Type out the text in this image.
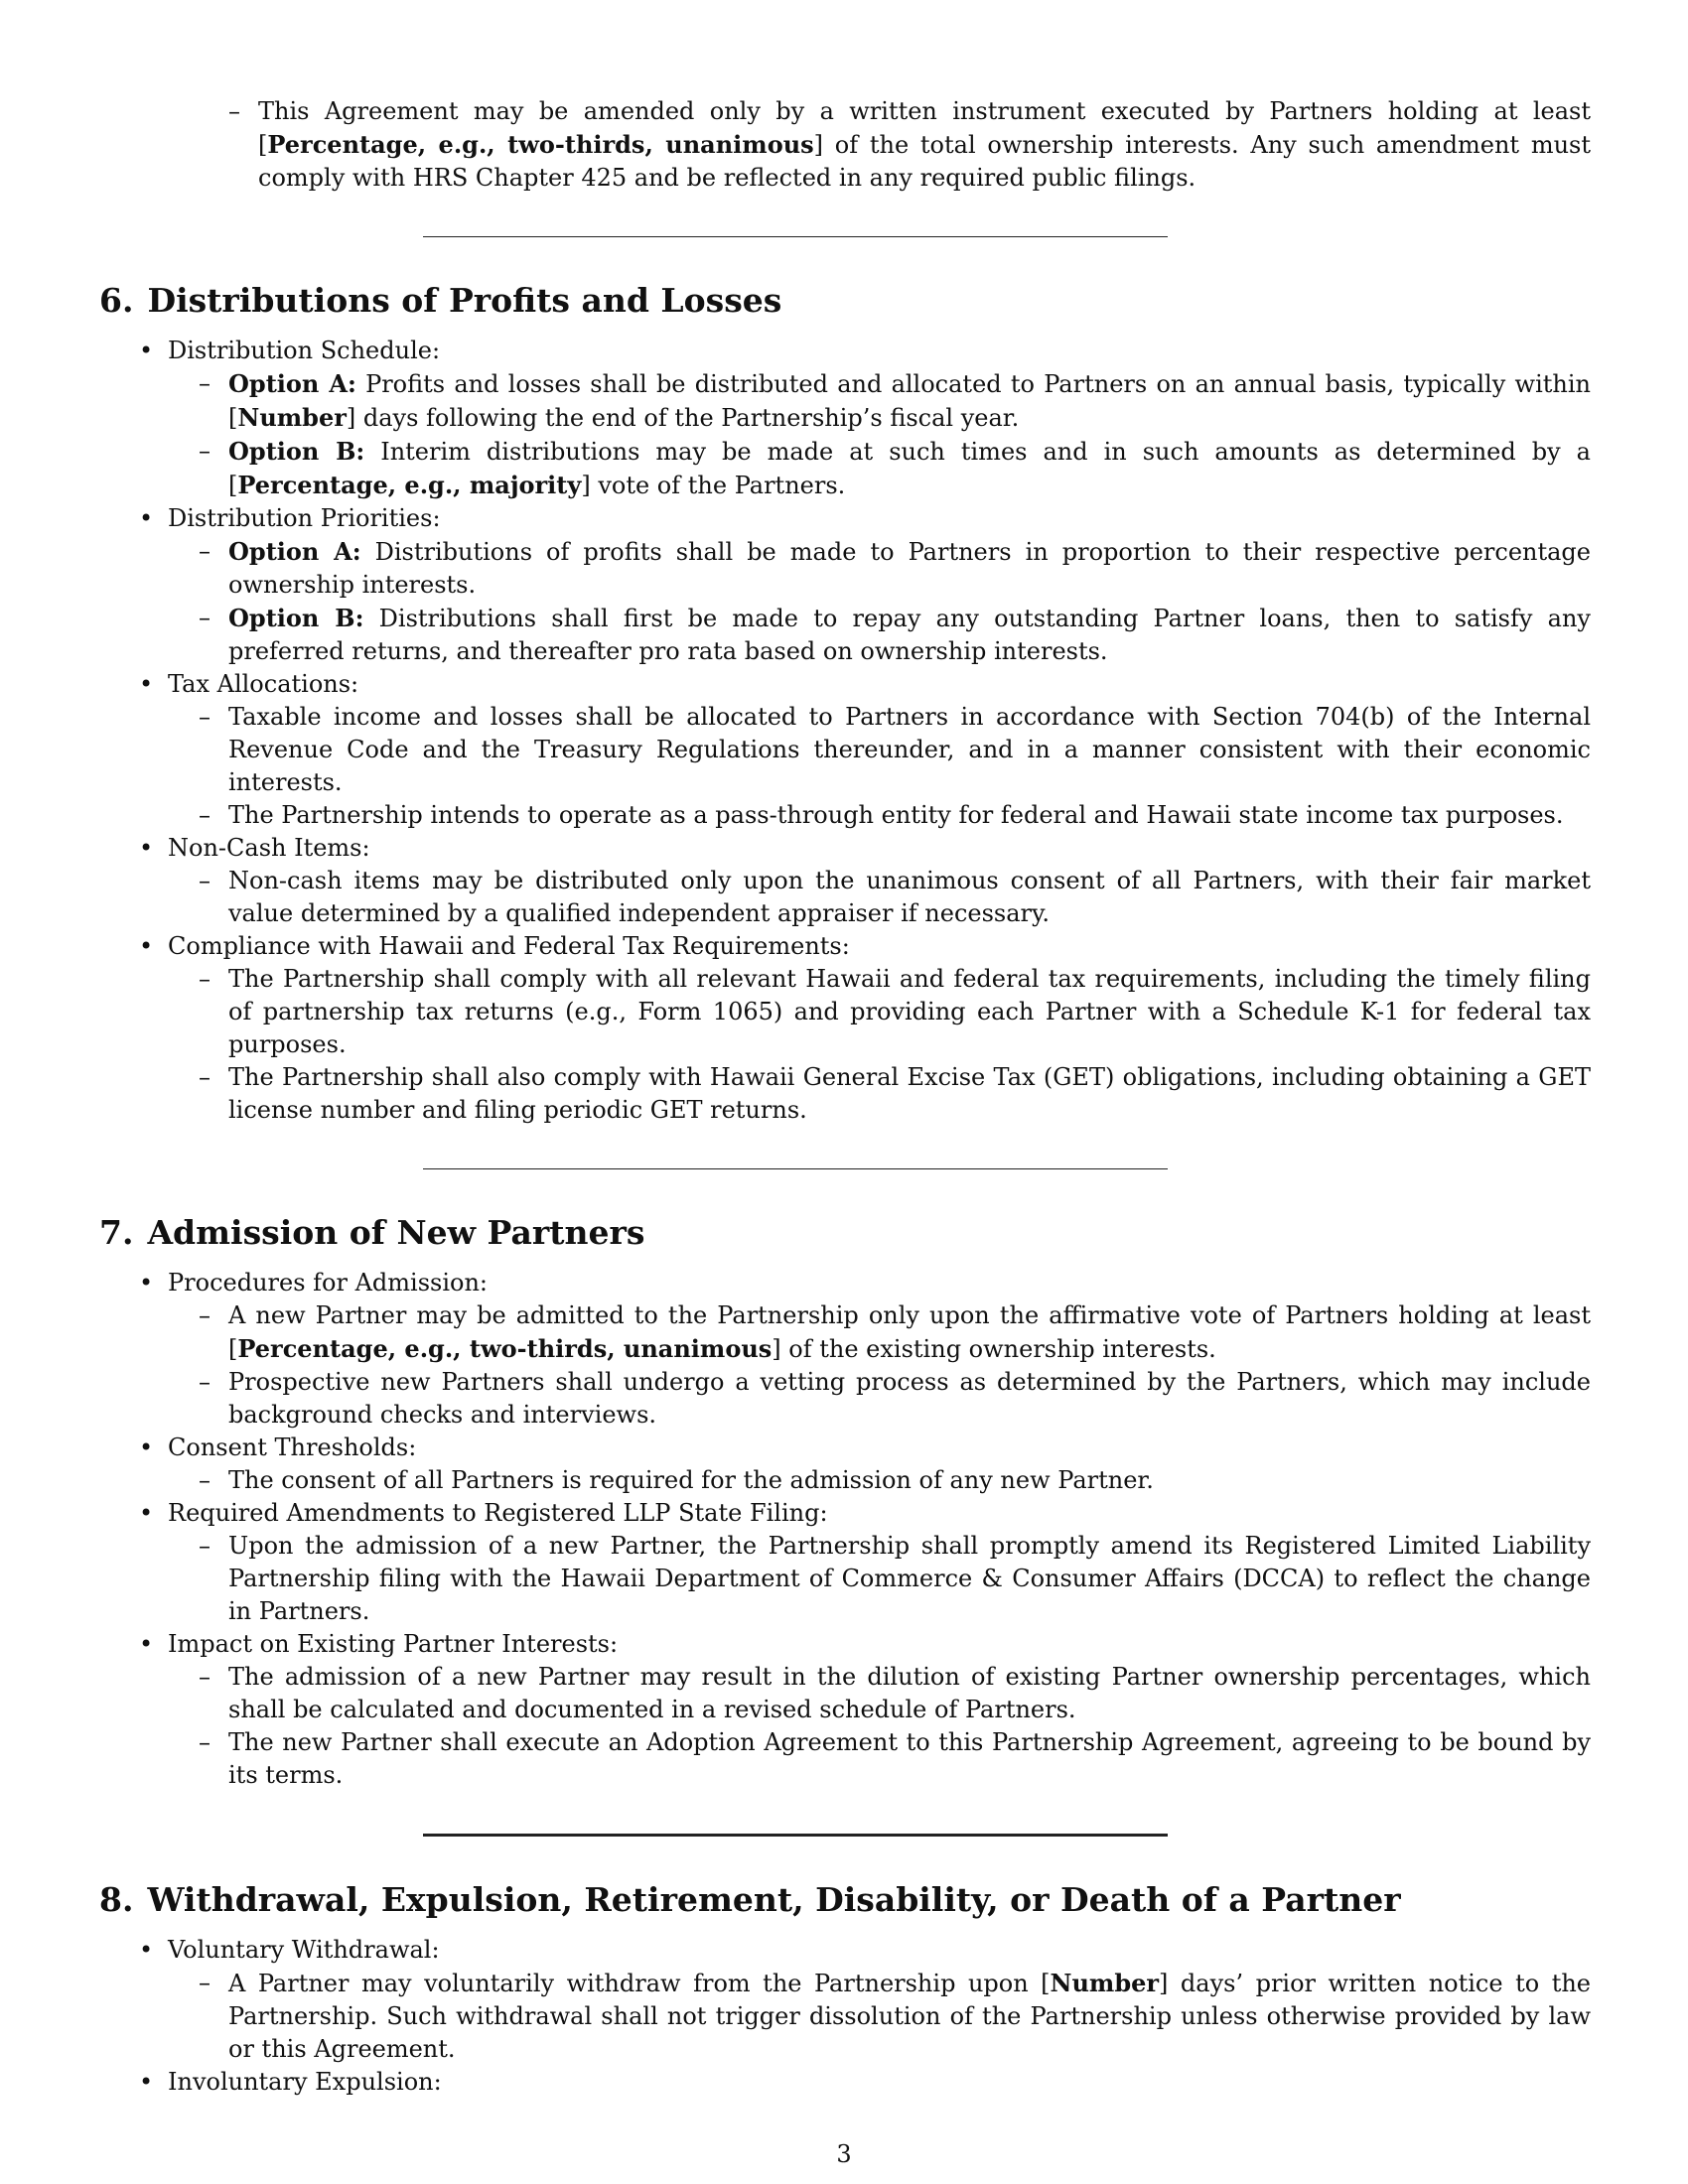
– This Agreement may be amended only by a written instrument executed by Partners holding at least [Percentage, e.g., two-thirds, unanimous] of the total ownership interests. Any such amendment must comply with HRS Chapter 425 and be reflected in any required public filings.
6. Distributions of Profits and Losses
• Distribution Schedule:
– Option A: Profits and losses shall be distributed and allocated to Partners on an annual basis, typically within [Number] days following the end of the Partnership’s fiscal year.
– Option B: Interim distributions may be made at such times and in such amounts as determined by a [Percentage, e.g., majority] vote of the Partners.
• Distribution Priorities:
– Option A: Distributions of profits shall be made to Partners in proportion to their respective percentage ownership interests.
– Option B: Distributions shall first be made to repay any outstanding Partner loans, then to satisfy any preferred returns, and thereafter pro rata based on ownership interests.
• Tax Allocations:
– Taxable income and losses shall be allocated to Partners in accordance with Section 704(b) of the Internal Revenue Code and the Treasury Regulations thereunder, and in a manner consistent with their economic interests.
– The Partnership intends to operate as a pass-through entity for federal and Hawaii state income tax purposes.
• Non-Cash Items:
– Non-cash items may be distributed only upon the unanimous consent of all Partners, with their fair market value determined by a qualified independent appraiser if necessary.
• Compliance with Hawaii and Federal Tax Requirements:
– The Partnership shall comply with all relevant Hawaii and federal tax requirements, including the timely filing of partnership tax returns (e.g., Form 1065) and providing each Partner with a Schedule K-1 for federal tax purposes.
– The Partnership shall also comply with Hawaii General Excise Tax (GET) obligations, including obtaining a GET license number and filing periodic GET returns.
7. Admission of New Partners
• Procedures for Admission:
– A new Partner may be admitted to the Partnership only upon the affirmative vote of Partners holding at least [Percentage, e.g., two-thirds, unanimous] of the existing ownership interests.
– Prospective new Partners shall undergo a vetting process as determined by the Partners, which may include background checks and interviews.
• Consent Thresholds:
– The consent of all Partners is required for the admission of any new Partner.
• Required Amendments to Registered LLP State Filing:
– Upon the admission of a new Partner, the Partnership shall promptly amend its Registered Limited Liability Partnership filing with the Hawaii Department of Commerce & Consumer Affairs (DCCA) to reflect the change in Partners.
• Impact on Existing Partner Interests:
– The admission of a new Partner may result in the dilution of existing Partner ownership percentages, which shall be calculated and documented in a revised schedule of Partners.
– The new Partner shall execute an Adoption Agreement to this Partnership Agreement, agreeing to be bound by its terms.
8. Withdrawal, Expulsion, Retirement, Disability, or Death of a Partner
• Voluntary Withdrawal:
– A Partner may voluntarily withdraw from the Partnership upon [Number] days’ prior written notice to the Partnership. Such withdrawal shall not trigger dissolution of the Partnership unless otherwise provided by law or this Agreement.
• Involuntary Expulsion:
3
